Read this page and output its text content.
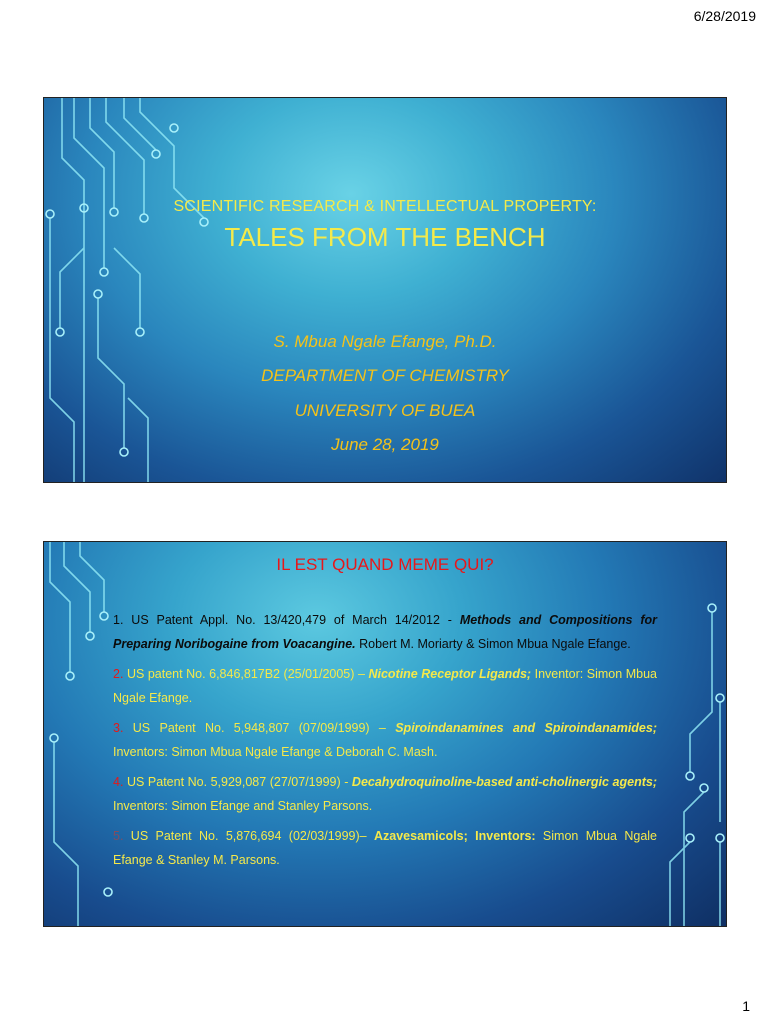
6/28/2019
SCIENTIFIC RESEARCH & INTELLECTUAL PROPERTY:
TALES FROM THE BENCH
S. Mbua Ngale Efange, Ph.D.
DEPARTMENT OF CHEMISTRY
UNIVERSITY OF BUEA
June 28, 2019
IL EST QUAND MEME QUI?

1. US Patent Appl. No. 13/420,479 of March 14/2012 - Methods and Compositions for Preparing Noribogaine from Voacangine. Robert M. Moriarty & Simon Mbua Ngale Efange.

2. US patent No. 6,846,817B2 (25/01/2005) – Nicotine Receptor Ligands; Inventor: Simon Mbua Ngale Efange.

3. US Patent No. 5,948,807 (07/09/1999) – Spiroindanamines and Spiroindanamides; Inventors: Simon Mbua Ngale Efange & Deborah C. Mash.

4. US Patent No. 5,929,087 (27/07/1999) - Decahydroquinoline-based anti-cholinergic agents; Inventors: Simon Efange and Stanley Parsons.

5. US Patent No. 5,876,694 (02/03/1999)– Azavesamicols; Inventors: Simon Mbua Ngale Efange & Stanley M. Parsons.

1
